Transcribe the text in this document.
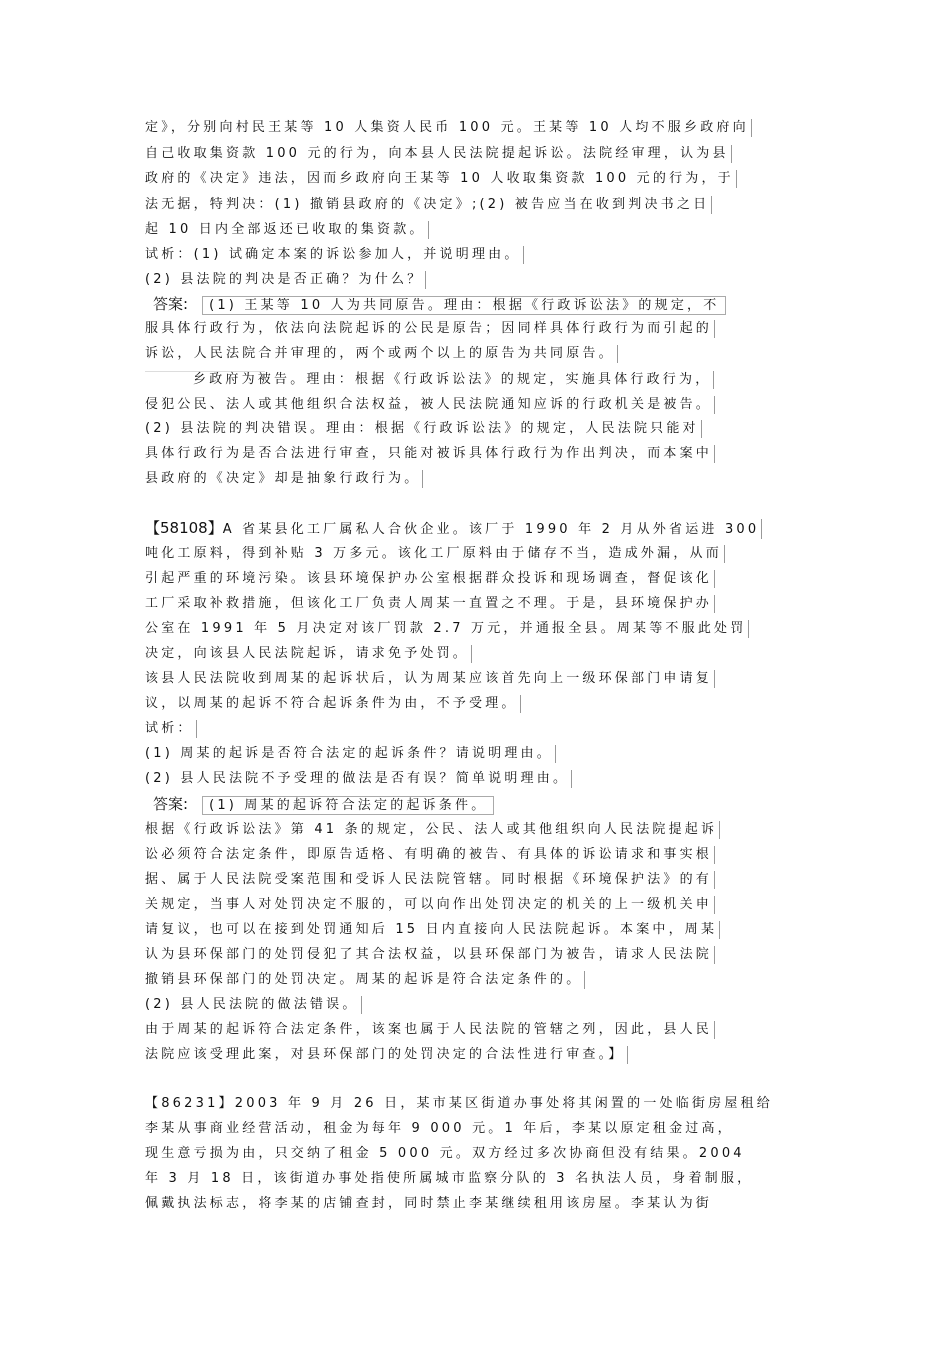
定》，分别向村民王某等 10 人集资人民币 100 元。王某等 10 人均不服乡政府向
自己收取集资款 100 元的行为，向本县人民法院提起诉讼。法院经审理，认为县
政府的《决定》违法，因而乡政府向王某等 10 人收取集资款 100 元的行为，于
法无据，特判决：(1) 撤销县政府的《决定》;(2) 被告应当在收到判决书之日
起 10 日内全部返还已收取的集资款。
试析：(1) 试确定本案的诉讼参加人，并说明理由。
(2) 县法院的判决是否正确？为什么？
答案: (1) 王某等 10 人为共同原告。理由：根据《行政诉讼法》的规定，不
服具体行政行为，依法向法院起诉的公民是原告；因同样具体行政行为而引起的
诉讼，人民法院合并审理的，两个或两个以上的原告为共同原告。
乡政府为被告。理由：根据《行政诉讼法》的规定，实施具体行政行为，
侵犯公民、法人或其他组织合法权益，被人民法院通知应诉的行政机关是被告。
(2) 县法院的判决错误。理由：根据《行政诉讼法》的规定，人民法院只能对
具体行政行为是否合法进行审查，只能对被诉具体行政行为作出判决，而本案中
县政府的《决定》却是抽象行政行为。
【58108】A 省某县化工厂属私人合伙企业。该厂于 1990 年 2 月从外省运进 300
吨化工原料，得到补贴 3 万多元。该化工厂原料由于储存不当，造成外漏，从而
引起严重的环境污染。该县环境保护办公室根据群众投诉和现场调查，督促该化
工厂采取补救措施，但该化工厂负责人周某一直置之不理。于是，县环境保护办
公室在 1991 年 5 月决定对该厂罚款 2.7 万元，并通报全县。周某等不服此处罚
决定，向该县人民法院起诉，请求免予处罚。
该县人民法院收到周某的起诉状后，认为周某应该首先向上一级环保部门申请复
议，以周某的起诉不符合起诉条件为由，不予受理。
试析：
(1) 周某的起诉是否符合法定的起诉条件？请说明理由。
(2) 县人民法院不予受理的做法是否有误？简单说明理由。
答案: (1) 周某的起诉符合法定的起诉条件。
根据《行政诉讼法》第 41 条的规定，公民、法人或其他组织向人民法院提起诉
讼必须符合法定条件，即原告适格、有明确的被告、有具体的诉讼请求和事实根
据、属于人民法院受案范围和受诉人民法院管辖。同时根据《环境保护法》的有
关规定，当事人对处罚决定不服的，可以向作出处罚决定的机关的上一级机关申
请复议，也可以在接到处罚通知后 15 日内直接向人民法院起诉。本案中，周某
认为县环保部门的处罚侵犯了其合法权益，以县环保部门为被告，请求人民法院
撤销县环保部门的处罚决定。周某的起诉是符合法定条件的。
(2) 县人民法院的做法错误。
由于周某的起诉符合法定条件，该案也属于人民法院的管辖之列，因此，县人民
法院应该受理此案，对县环保部门的处罚决定的合法性进行审查。】
【86231】2003 年 9 月 26 日，某市某区街道办事处将其闲置的一处临街房屋租给
李某从事商业经营活动，租金为每年 9 000 元。1 年后，李某以原定租金过高，
现生意亏损为由，只交纳了租金 5 000 元。双方经过多次协商但没有结果。2004
年 3 月 18 日，该街道办事处指使所属城市监察分队的 3 名执法人员，身着制服，
佩戴执法标志，将李某的店铺查封，同时禁止李某继续租用该房屋。李某认为街
